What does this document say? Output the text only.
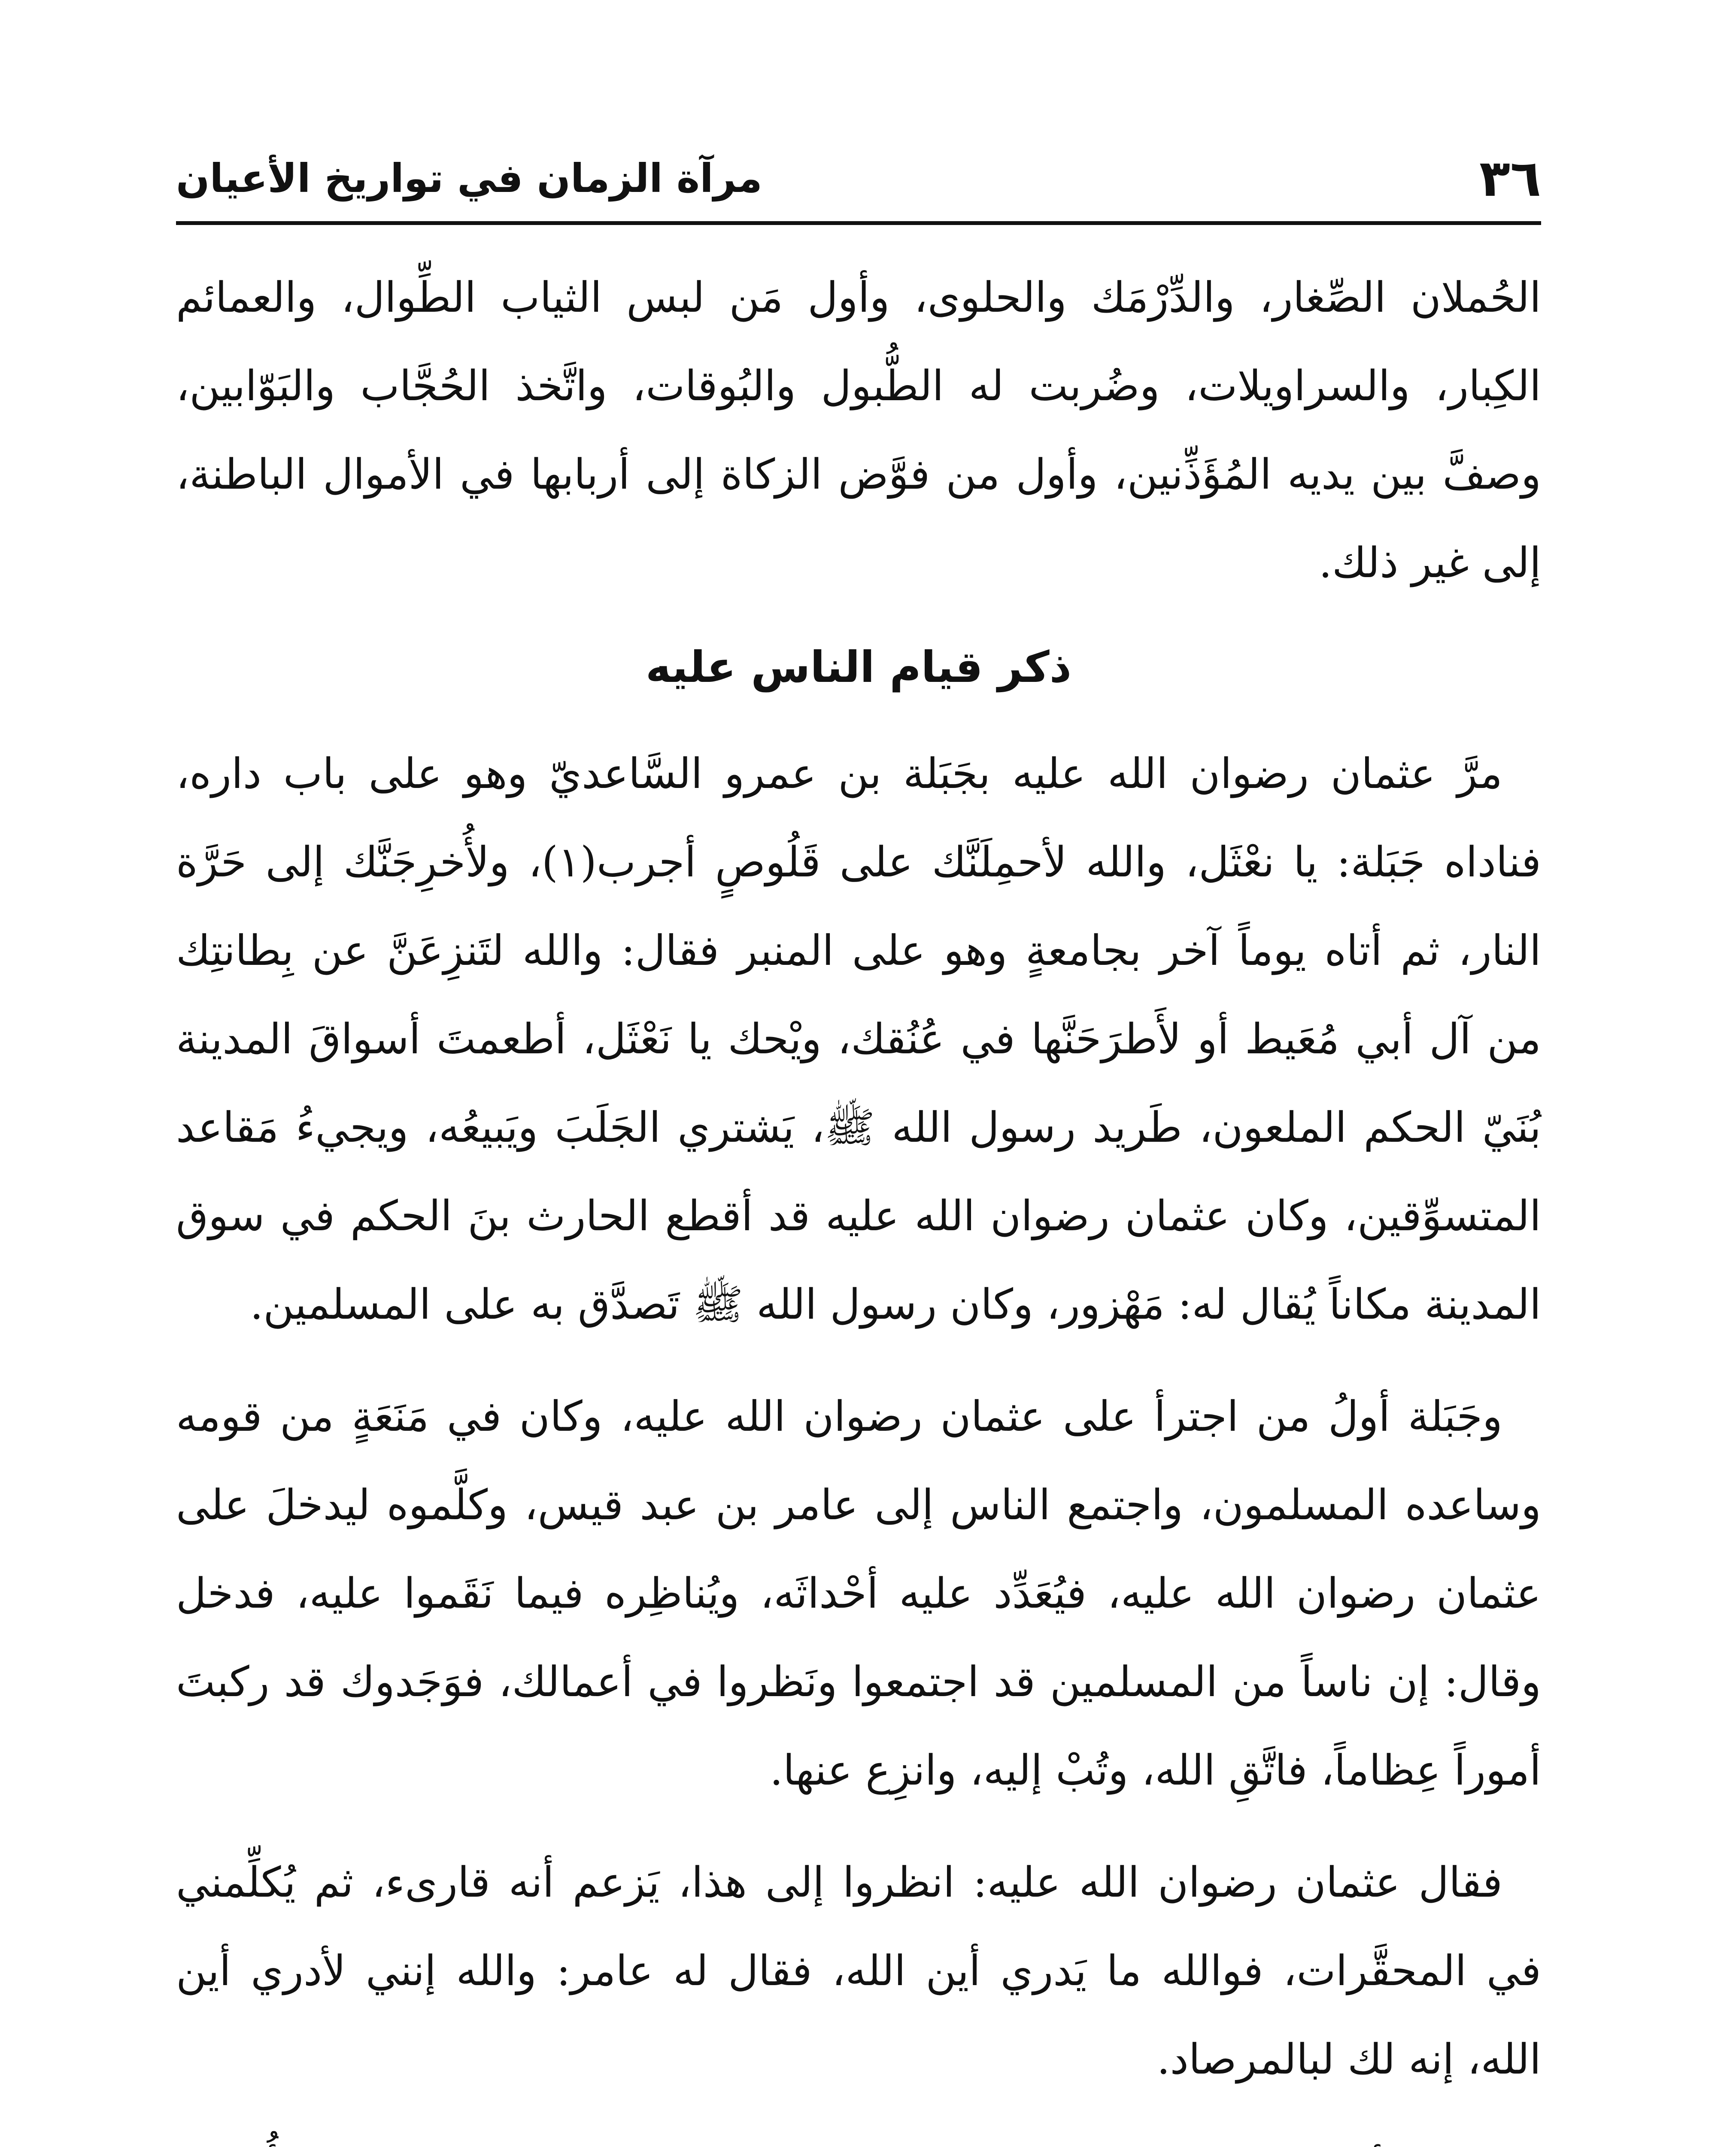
٣٦
مرآة الزمان في تواريخ الأعيان

الحُملان الصِّغار، والدِّرْمَك والحلوى، وأول مَن لبس الثياب الطِّوال، والعمائم الكِبار، والسراويلات، وضُربت له الطُّبول والبُوقات، واتَّخذ الحُجَّاب والبَوّابين، وصفَّ بين يديه المُؤَذِّنين، وأول من فوَّض الزكاة إلى أربابها في الأموال الباطنة، إلى غير ذلك.

ذكر قيام الناس عليه

مرَّ عثمان رضوان الله عليه بجَبَلة بن عمرو السَّاعديّ وهو على باب داره، فناداه جَبَلة: يا نعْثَل، والله لأحمِلَنَّك على قَلُوصٍ أجرب(١)، ولأُخرِجَنَّك إلى حَرَّة النار، ثم أتاه يوماً آخر بجامعةٍ وهو على المنبر فقال: والله لتَنزِعَنَّ عن بِطانتِك من آل أبي مُعَيط أو لأَطرَحَنَّها في عُنُقك، ويْحك يا نَعْثَل، أطعمتَ أسواقَ المدينة بُنَيّ الحكم الملعون، طَريد رسول الله ﷺ، يَشتري الجَلَبَ ويَبيعُه، ويجيءُ مَقاعد المتسوِّقين، وكان عثمان رضوان الله عليه قد أقطع الحارث بنَ الحكم في سوق المدينة مكاناً يُقال له: مَهْزور، وكان رسول الله ﷺ تَصدَّق به على المسلمين.

وجَبَلة أولُ من اجترأ على عثمان رضوان الله عليه، وكان في مَنَعَةٍ من قومه وساعده المسلمون، واجتمع الناس إلى عامر بن عبد قيس، وكلَّموه ليدخلَ على عثمان رضوان الله عليه، فيُعَدِّد عليه أحْداثَه، ويُناظِره فيما نَقَموا عليه، فدخل وقال: إن ناساً من المسلمين قد اجتمعوا ونَظروا في أعمالك، فوَجَدوك قد ركبتَ أموراً عِظاماً، فاتَّقِ الله، وتُبْ إليه، وانزِع عنها.

فقال عثمان رضوان الله عليه: انظروا إلى هذا، يَزعم أنه قارىء، ثم يُكلِّمني في المحقَّرات، فوالله ما يَدري أين الله، فقال له عامر: والله إنني لأدري أين الله، إنه لك لبالمرصاد.
